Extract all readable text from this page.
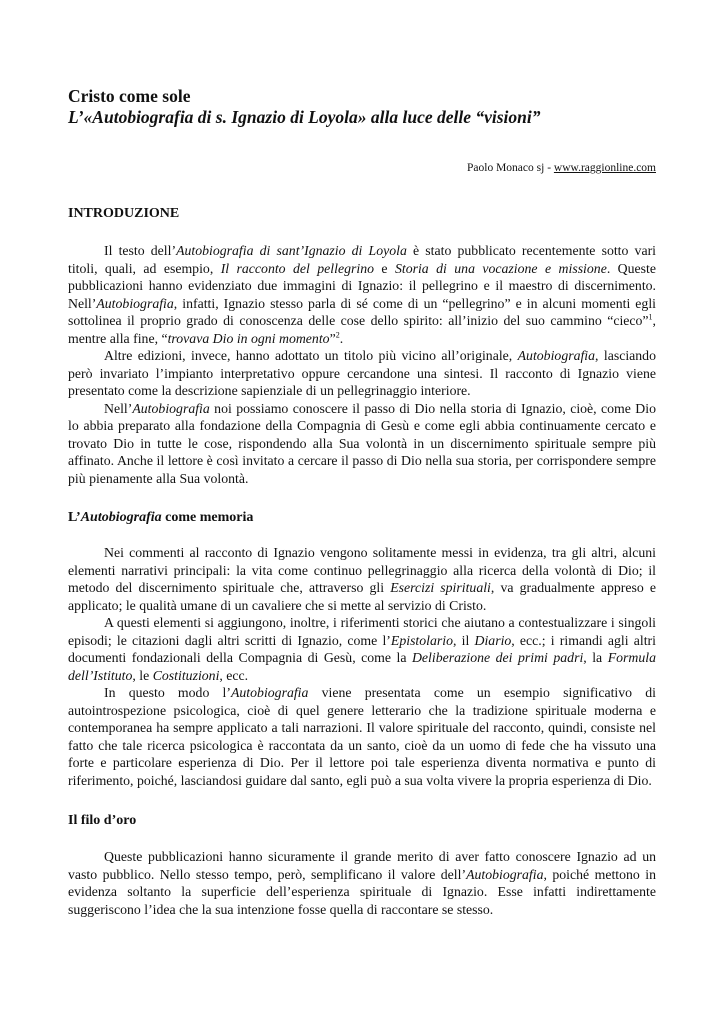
Cristo come sole
L’«Autobiografia di s. Ignazio di Loyola» alla luce delle “visioni”
Paolo Monaco sj - www.raggionline.com
INTRODUZIONE

Il testo dell’Autobiografia di sant’Ignazio di Loyola è stato pubblicato recentemente sotto vari titoli, quali, ad esempio, Il racconto del pellegrino e Storia di una vocazione e missione. Queste pubblicazioni hanno evidenziato due immagini di Ignazio: il pellegrino e il maestro di discernimento. Nell’Autobiografia, infatti, Ignazio stesso parla di sé come di un “pellegrino” e in alcuni momenti egli sottolinea il proprio grado di conoscenza delle cose dello spirito: all’inizio del suo cammino “cieco”$^1$, mentre alla fine, “trovava Dio in ogni momento”$^2$.

Altre edizioni, invece, hanno adottato un titolo più vicino all’originale, Autobiografia, lasciando però invariato l’impianto interpretativo oppure cercandone una sintesi. Il racconto di Ignazio viene presentato come la descrizione sapienziale di un pellegrinaggio interiore.

Nell’Autobiografia noi possiamo conoscere il passo di Dio nella storia di Ignazio, cioè, come Dio lo abbia preparato alla fondazione della Compagnia di Gesù e come egli abbia continuamente cercato e trovato Dio in tutte le cose, rispondendo alla Sua volontà in un discernimento spirituale sempre più affinato. Anche il lettore è così invitato a cercare il passo di Dio nella sua storia, per corrispondere sempre più pienamente alla Sua volontà.

L’Autobiografia come memoria

Nei commenti al racconto di Ignazio vengono solitamente messi in evidenza, tra gli altri, alcuni elementi narrativi principali: la vita come continuo pellegrinaggio alla ricerca della volontà di Dio; il metodo del discernimento spirituale che, attraverso gli Esercizi spirituali, va gradualmente appreso e applicato; le qualità umane di un cavaliere che si mette al servizio di Cristo.

A questi elementi si aggiungono, inoltre, i riferimenti storici che aiutano a contestualizzare i singoli episodi; le citazioni dagli altri scritti di Ignazio, come l’Epistolario, il Diario, ecc.; i rimandi agli altri documenti fondazionali della Compagnia di Gesù, come la Deliberazione dei primi padri, la Formula dell’Istituto, le Costituzioni, ecc.

In questo modo l’Autobiografia viene presentata come un esempio significativo di autointrospezione psicologica, cioè di quel genere letterario che la tradizione spirituale moderna e contemporanea ha sempre applicato a tali narrazioni. Il valore spirituale del racconto, quindi, consiste nel fatto che tale ricerca psicologica è raccontata da un santo, cioè da un uomo di fede che ha vissuto una forte e particolare esperienza di Dio. Per il lettore poi tale esperienza diventa normativa e punto di riferimento, poiché, lasciandosi guidare dal santo, egli può a sua volta vivere la propria esperienza di Dio.

Il filo d’oro

Queste pubblicazioni hanno sicuramente il grande merito di aver fatto conoscere Ignazio ad un vasto pubblico. Nello stesso tempo, però, semplificano il valore dell’Autobiografia, poiché mettono in evidenza soltanto la superficie dell’esperienza spirituale di Ignazio. Esse infatti indirettamente suggeriscono l’idea che la sua intenzione fosse quella di raccontare se stesso.
